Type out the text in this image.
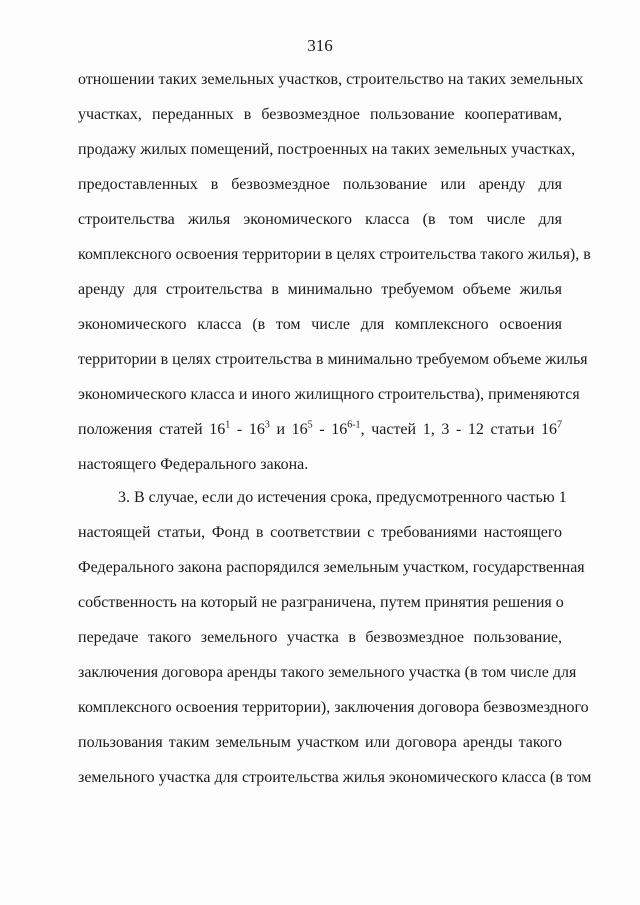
316
отношении таких земельных участков, строительство на таких земельных
участках, переданных в безвозмездное пользование кооперативам,
продажу жилых помещений, построенных на таких земельных участках,
предоставленных в безвозмездное пользование или аренду для
строительства жилья экономического класса (в том числе для
комплексного освоения территории в целях строительства такого жилья), в
аренду для строительства в минимально требуемом объеме жилья
экономического класса (в том числе для комплексного освоения
территории в целях строительства в минимально требуемом объеме жилья
экономического класса и иного жилищного строительства), применяются
положения статей $16^1 - 16^3$ и $16^5 - 16^{6-1}$, частей 1, 3 - 12 статьи $16^7$
настоящего Федерального закона.
3. В случае, если до истечения срока, предусмотренного частью 1
настоящей статьи, Фонд в соответствии с требованиями настоящего
Федерального закона распорядился земельным участком, государственная
собственность на который не разграничена, путем принятия решения о
передаче такого земельного участка в безвозмездное пользование,
заключения договора аренды такого земельного участка (в том числе для
комплексного освоения территории), заключения договора безвозмездного
пользования таким земельным участком или договора аренды такого
земельного участка для строительства жилья экономического класса (в том
